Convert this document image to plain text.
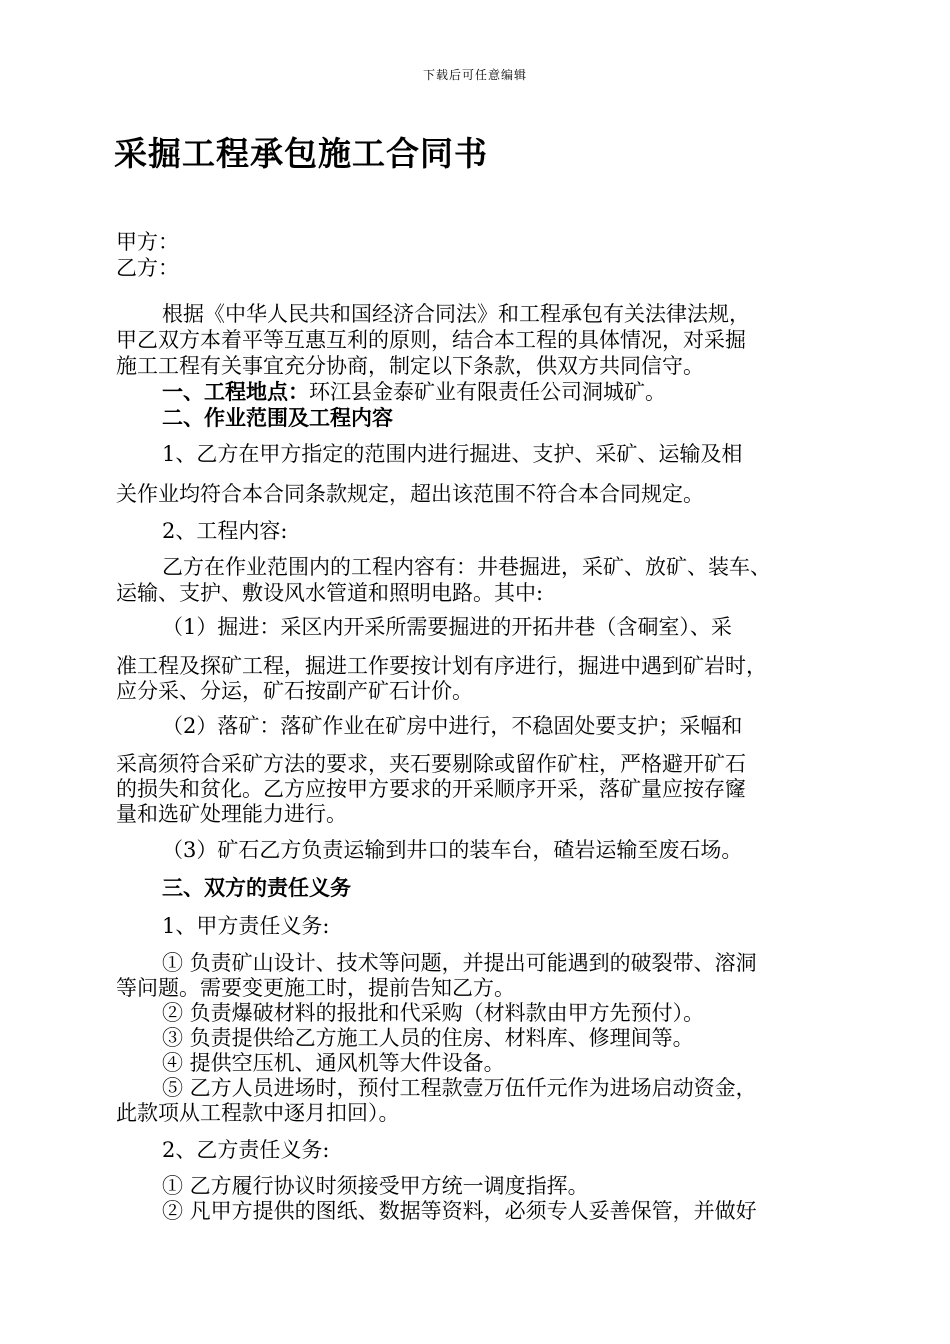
下载后可任意编辑
采掘工程承包施工合同书
甲方：
乙方：
根据《中华人民共和国经济合同法》和工程承包有关法律法规，
甲乙双方本着平等互惠互利的原则，结合本工程的具体情况，对采掘
施工工程有关事宜充分协商，制定以下条款，供双方共同信守。
一、工程地点：环江县金泰矿业有限责任公司洞城矿。
二、作业范围及工程内容
1、乙方在甲方指定的范围内进行掘进、支护、采矿、运输及相
关作业均符合本合同条款规定，超出该范围不符合本合同规定。
2、工程内容:
乙方在作业范围内的工程内容有：井巷掘进，采矿、放矿、装车、
运输、支护、敷设风水管道和照明电路。其中:
（1）掘进：采区内开采所需要掘进的开拓井巷（含硐室）、采
准工程及探矿工程，掘进工作要按计划有序进行，掘进中遇到矿岩时，
应分采、分运，矿石按副产矿石计价。
（2）落矿：落矿作业在矿房中进行，不稳固处要支护；采幅和
采高须符合采矿方法的要求，夹石要剔除或留作矿柱，严格避开矿石
的损失和贫化。乙方应按甲方要求的开采顺序开采，落矿量应按存窿
量和选矿处理能力进行。
（3）矿石乙方负责运输到井口的装车台，碴岩运输至废石场。
三、双方的责任义务
1、甲方责任义务:
① 负责矿山设计、技术等问题，并提出可能遇到的破裂带、溶洞
等问题。需要变更施工时，提前告知乙方。
② 负责爆破材料的报批和代采购（材料款由甲方先预付）。
③ 负责提供给乙方施工人员的住房、材料库、修理间等。
④ 提供空压机、通风机等大件设备。
⑤ 乙方人员进场时，预付工程款壹万伍仟元作为进场启动资金，
此款项从工程款中逐月扣回）。
2、乙方责任义务:
① 乙方履行协议时须接受甲方统一调度指挥。
② 凡甲方提供的图纸、数据等资料，必须专人妥善保管，并做好
